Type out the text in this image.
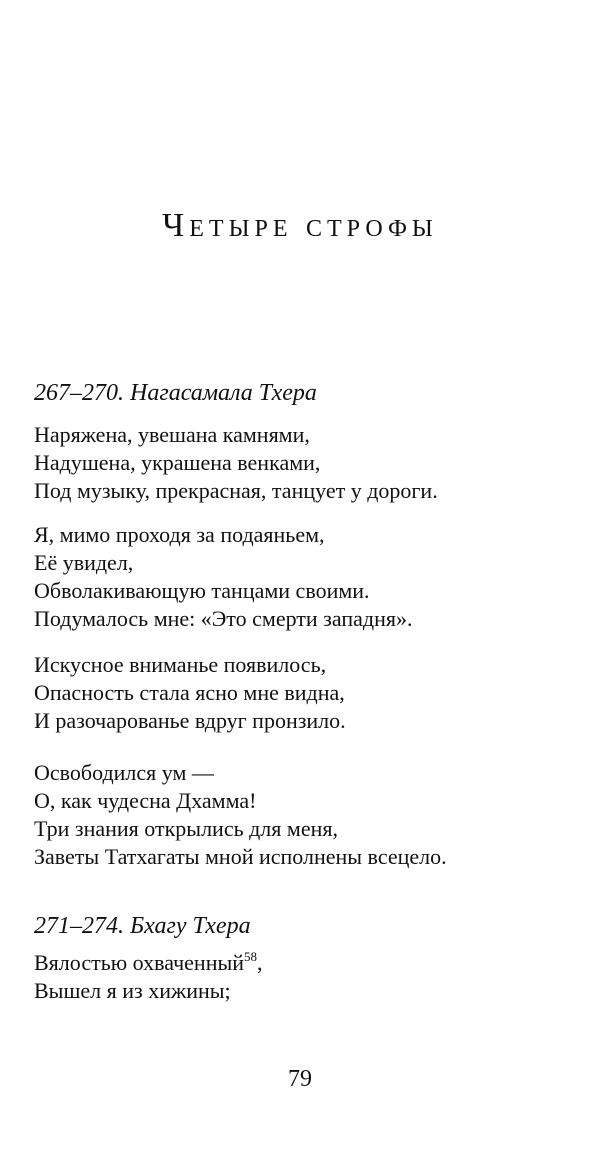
Четыре строфы
267–270. Нагасамала Тхера
Наряжена, увешана камнями,
Надушена, украшена венками,
Под музыку, прекрасная, танцует у дороги.
Я, мимо проходя за подаяньем,
Её увидел,
Обволакивающую танцами своими.
Подумалось мне: «Это смерти западня».
Искусное вниманье появилось,
Опасность стала ясно мне видна,
И разочарованье вдруг пронзило.
Освободился ум —
О, как чудесна Дхамма!
Три знания открылись для меня,
Заветы Татхагаты мной исполнены всецело.
271–274. Бхагу Тхера
Вялостью охваченный$^{58}$,
Вышел я из хижины;
79
